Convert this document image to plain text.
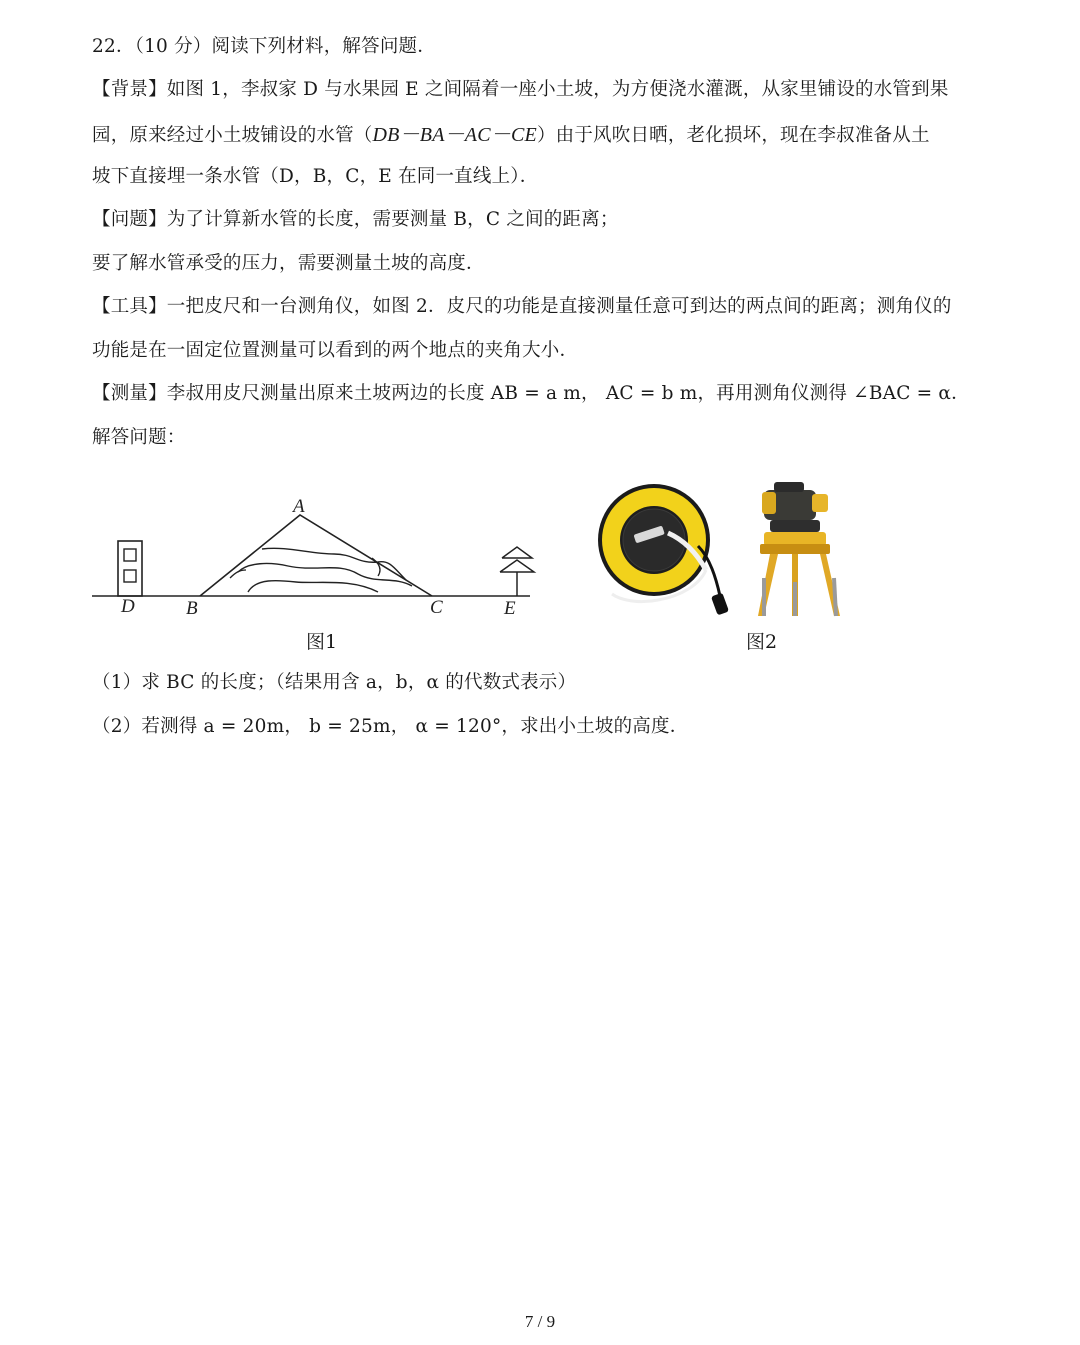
22．（10 分）阅读下列材料，解答问题．
【背景】如图 1，李叔家 D 与水果园 E 之间隔着一座小土坡，为方便浇水灌溉，从家里铺设的水管到果
园，原来经过小土坡铺设的水管（DB－BA－AC－CE）由于风吹日晒，老化损坏，现在李叔准备从土
坡下直接埋一条水管（D，B，C，E 在同一直线上）．
【问题】为了计算新水管的长度，需要测量 B，C 之间的距离；
要了解水管承受的压力，需要测量土坡的高度．
【工具】一把皮尺和一台测角仪，如图 2．皮尺的功能是直接测量任意可到达的两点间的距离；测角仪的
功能是在一固定位置测量可以看到的两个地点的夹角大小．
【测量】李叔用皮尺测量出原来土坡两边的长度 AB = a m， AC = b m，再用测角仪测得 ∠BAC = α．
解答问题：
A
B	C
D	E
图1	图2
（1）求 BC 的长度；（结果用含 a，b，α 的代数式表示）
（2）若测得 a = 20m， b = 25m， α = 120°，求出小土坡的高度．
7 / 9
